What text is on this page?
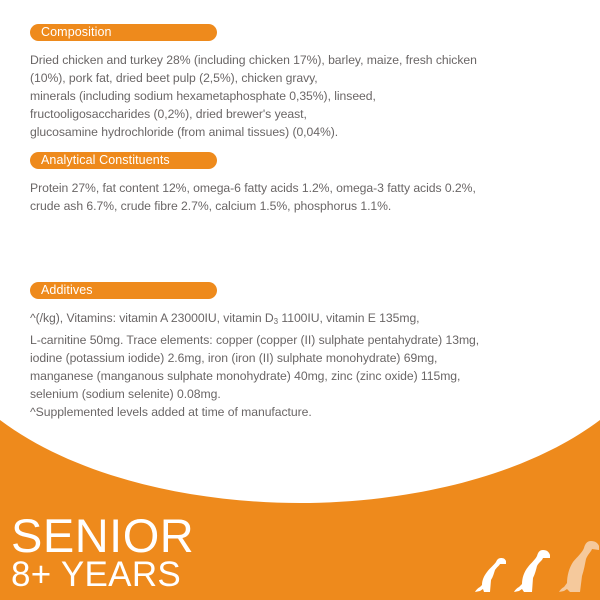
Composition
Dried chicken and turkey 28% (including chicken 17%), barley, maize, fresh chicken
(10%), pork fat, dried beet pulp (2,5%), chicken gravy,
minerals (including sodium hexametaphosphate 0,35%), linseed,
fructooligosaccharides (0,2%), dried brewer's yeast,
glucosamine hydrochloride (from animal tissues) (0,04%).
Analytical Constituents
Protein 27%, fat content 12%, omega-6 fatty acids 1.2%, omega-3 fatty acids 0.2%,
crude ash 6.7%, crude fibre 2.7%, calcium 1.5%, phosphorus 1.1%.
Additives
^(/kg), Vitamins: vitamin A 23000IU, vitamin D3 1100IU, vitamin E 135mg,
L-carnitine 50mg. Trace elements: copper (copper (II) sulphate pentahydrate) 13mg,
iodine (potassium iodide) 2.6mg, iron (iron (II) sulphate monohydrate) 69mg,
manganese (manganous sulphate monohydrate) 40mg, zinc (zinc oxide) 115mg,
selenium (sodium selenite) 0.08mg.
^Supplemented levels added at time of manufacture.
SENIOR
8+ YEARS
